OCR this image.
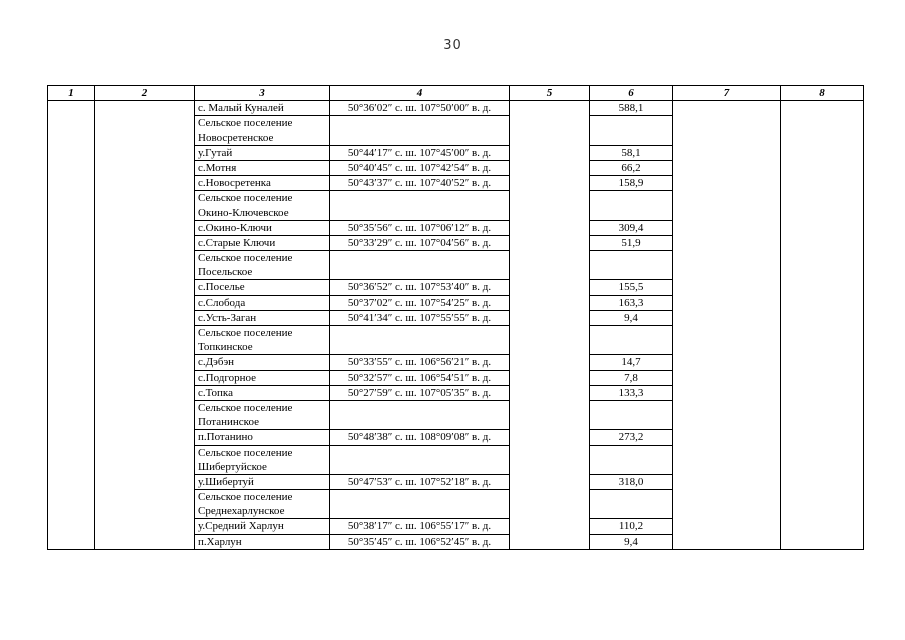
30
1	2	3	4	5	6	7	8
		с. Малый Куналей	50°36′02″ с. ш. 107°50′00″ в. д.		588,1		
		Сельское поселение					
		Новосретенское					
		у.Гутай	50°44′17″ с. ш. 107°45′00″ в. д.		58,1		
		с.Мотня	50°40′45″ с. ш. 107°42′54″ в. д.		66,2		
		с.Новосретенка	50°43′37″ с. ш. 107°40′52″ в. д.		158,9		
		Сельское поселение					
		Окино-Ключевское					
		с.Окино-Ключи	50°35′56″ с. ш. 107°06′12″ в. д.		309,4		
		с.Старые Ключи	50°33′29″ с. ш. 107°04′56″ в. д.		51,9		
		Сельское поселение					
		Посельское					
		с.Поселье	50°36′52″ с. ш. 107°53′40″ в. д.		155,5		
		с.Слобода	50°37′02″ с. ш. 107°54′25″ в. д.		163,3		
		с.Усть-Заган	50°41′34″ с. ш. 107°55′55″ в. д.		9,4		
		Сельское поселение					
		Топкинское					
		с.Дэбэн	50°33′55″ с. ш. 106°56′21″ в. д.		14,7		
		с.Подгорное	50°32′57″ с. ш. 106°54′51″ в. д.		7,8		
		с.Топка	50°27′59″ с. ш. 107°05′35″ в. д.		133,3		
		Сельское поселение					
		Потанинское					
		п.Потанино	50°48′38″ с. ш. 108°09′08″ в. д.		273,2		
		Сельское поселение					
		Шибертуйское					
		у.Шибертуй	50°47′53″ с. ш. 107°52′18″ в. д.		318,0		
		Сельское поселение					
		Среднехарлунское					
		у.Средний Харлун	50°38′17″ с. ш. 106°55′17″ в. д.		110,2		
		п.Харлун	50°35′45″ с. ш. 106°52′45″ в. д.		9,4		
